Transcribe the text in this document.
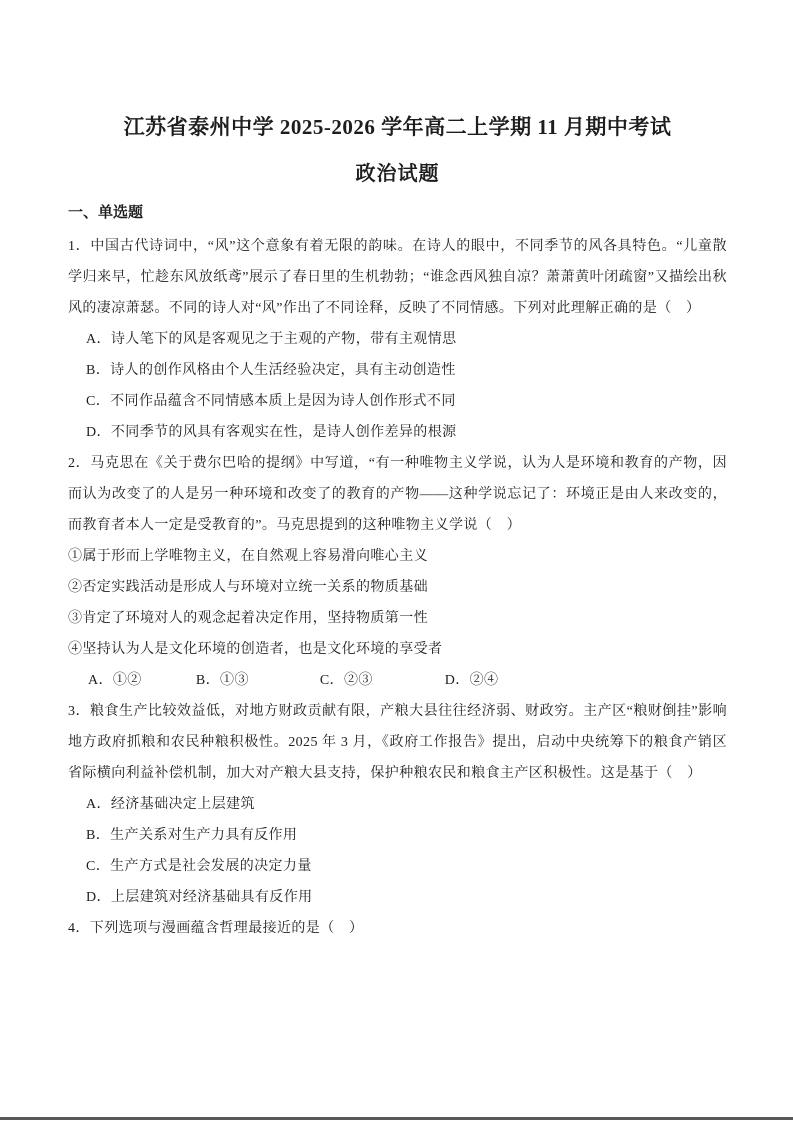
江苏省泰州中学 2025-2026 学年高二上学期 11 月期中考试
政治试题
一、单选题

1．中国古代诗词中，“风”这个意象有着无限的韵味。在诗人的眼中，不同季节的风各具特色。“儿童散学归来早，忙趁东风放纸鸢”展示了春日里的生机勃勃；“谁念西风独自凉？萧萧黄叶闭疏窗”又描绘出秋风的凄凉萧瑟。不同的诗人对“风”作出了不同诠释，反映了不同情感。下列对此理解正确的是（　）

A．诗人笔下的风是客观见之于主观的产物，带有主观情思
B．诗人的创作风格由个人生活经验决定，具有主动创造性
C．不同作品蕴含不同情感本质上是因为诗人创作形式不同
D．不同季节的风具有客观实在性，是诗人创作差异的根源

2．马克思在《关于费尔巴哈的提纲》中写道，“有一种唯物主义学说，认为人是环境和教育的产物，因而认为改变了的人是另一种环境和改变了的教育的产物——这种学说忘记了：环境正是由人来改变的，而教育者本人一定是受教育的”。马克思提到的这种唯物主义学说（　）

①属于形而上学唯物主义，在自然观上容易滑向唯心主义
②否定实践活动是形成人与环境对立统一关系的物质基础
③肯定了环境对人的观念起着决定作用，坚持物质第一性
④坚持认为人是文化环境的创造者，也是文化环境的享受者
A．①②	B．①③	C．②③	D．②④

3．粮食生产比较效益低，对地方财政贡献有限，产粮大县往往经济弱、财政穷。主产区“粮财倒挂”影响地方政府抓粮和农民种粮积极性。2025 年 3 月，《政府工作报告》提出，启动中央统筹下的粮食产销区省际横向利益补偿机制，加大对产粮大县支持，保护种粮农民和粮食主产区积极性。这是基于（　）

A．经济基础决定上层建筑
B．生产关系对生产力具有反作用
C．生产方式是社会发展的决定力量
D．上层建筑对经济基础具有反作用

4．下列选项与漫画蕴含哲理最接近的是（　）
